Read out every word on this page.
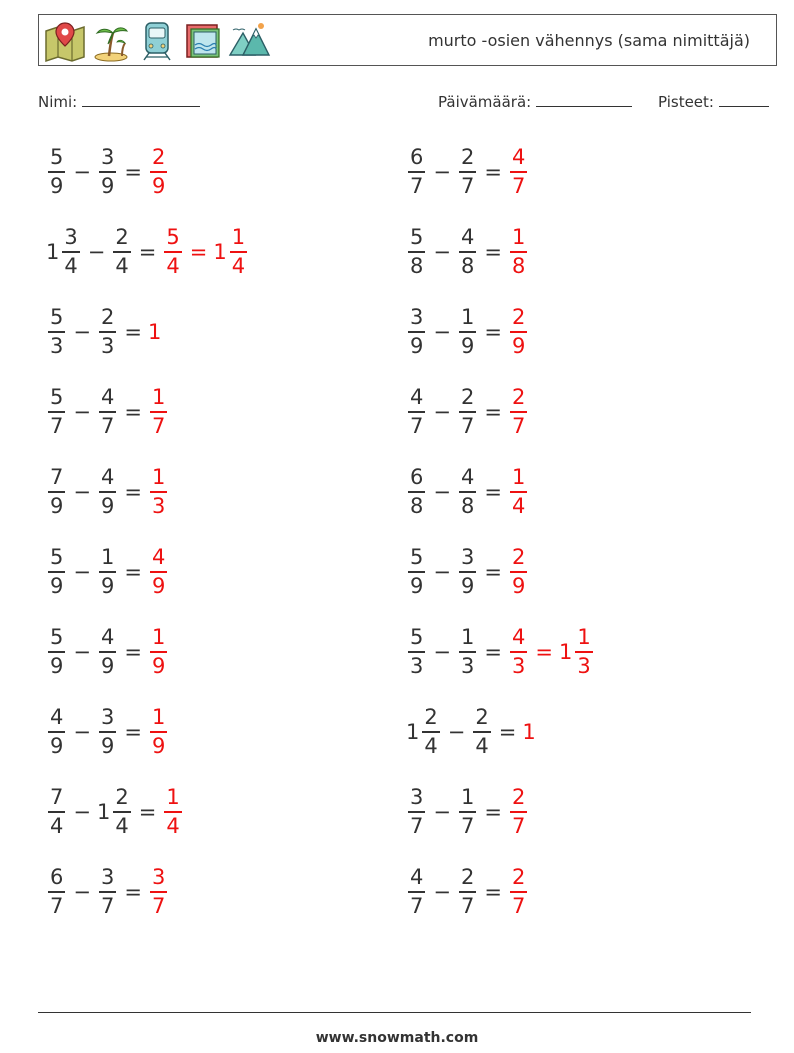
murto -osien vähennys (sama nimittäjä)
Nimi:	Päivämäärä:	Pisteet:
$\frac{5}{9} - \frac{3}{9} = \frac{2}{9}$	$\frac{6}{7} - \frac{2}{7} = \frac{4}{7}$
$1 \frac{3}{4} - \frac{2}{4} = \frac{5}{4} = 1 \frac{1}{4}$	$\frac{5}{8} - \frac{4}{8} = \frac{1}{8}$
$\frac{5}{3} - \frac{2}{3} = 1$	$\frac{3}{9} - \frac{1}{9} = \frac{2}{9}$
$\frac{5}{7} - \frac{4}{7} = \frac{1}{7}$	$\frac{4}{7} - \frac{2}{7} = \frac{2}{7}$
$\frac{7}{9} - \frac{4}{9} = \frac{1}{3}$	$\frac{6}{8} - \frac{4}{8} = \frac{1}{4}$
$\frac{5}{9} - \frac{1}{9} = \frac{4}{9}$	$\frac{5}{9} - \frac{3}{9} = \frac{2}{9}$
$\frac{5}{9} - \frac{4}{9} = \frac{1}{9}$	$\frac{5}{3} - \frac{1}{3} = \frac{4}{3} = 1 \frac{1}{3}$
$\frac{4}{9} - \frac{3}{9} = \frac{1}{9}$	$1 \frac{2}{4} - \frac{2}{4} = 1$
$\frac{7}{4} - 1 \frac{2}{4} = \frac{1}{4}$	$\frac{3}{7} - \frac{1}{7} = \frac{2}{7}$
$\frac{6}{7} - \frac{3}{7} = \frac{3}{7}$	$\frac{4}{7} - \frac{2}{7} = \frac{2}{7}$
www.snowmath.com
